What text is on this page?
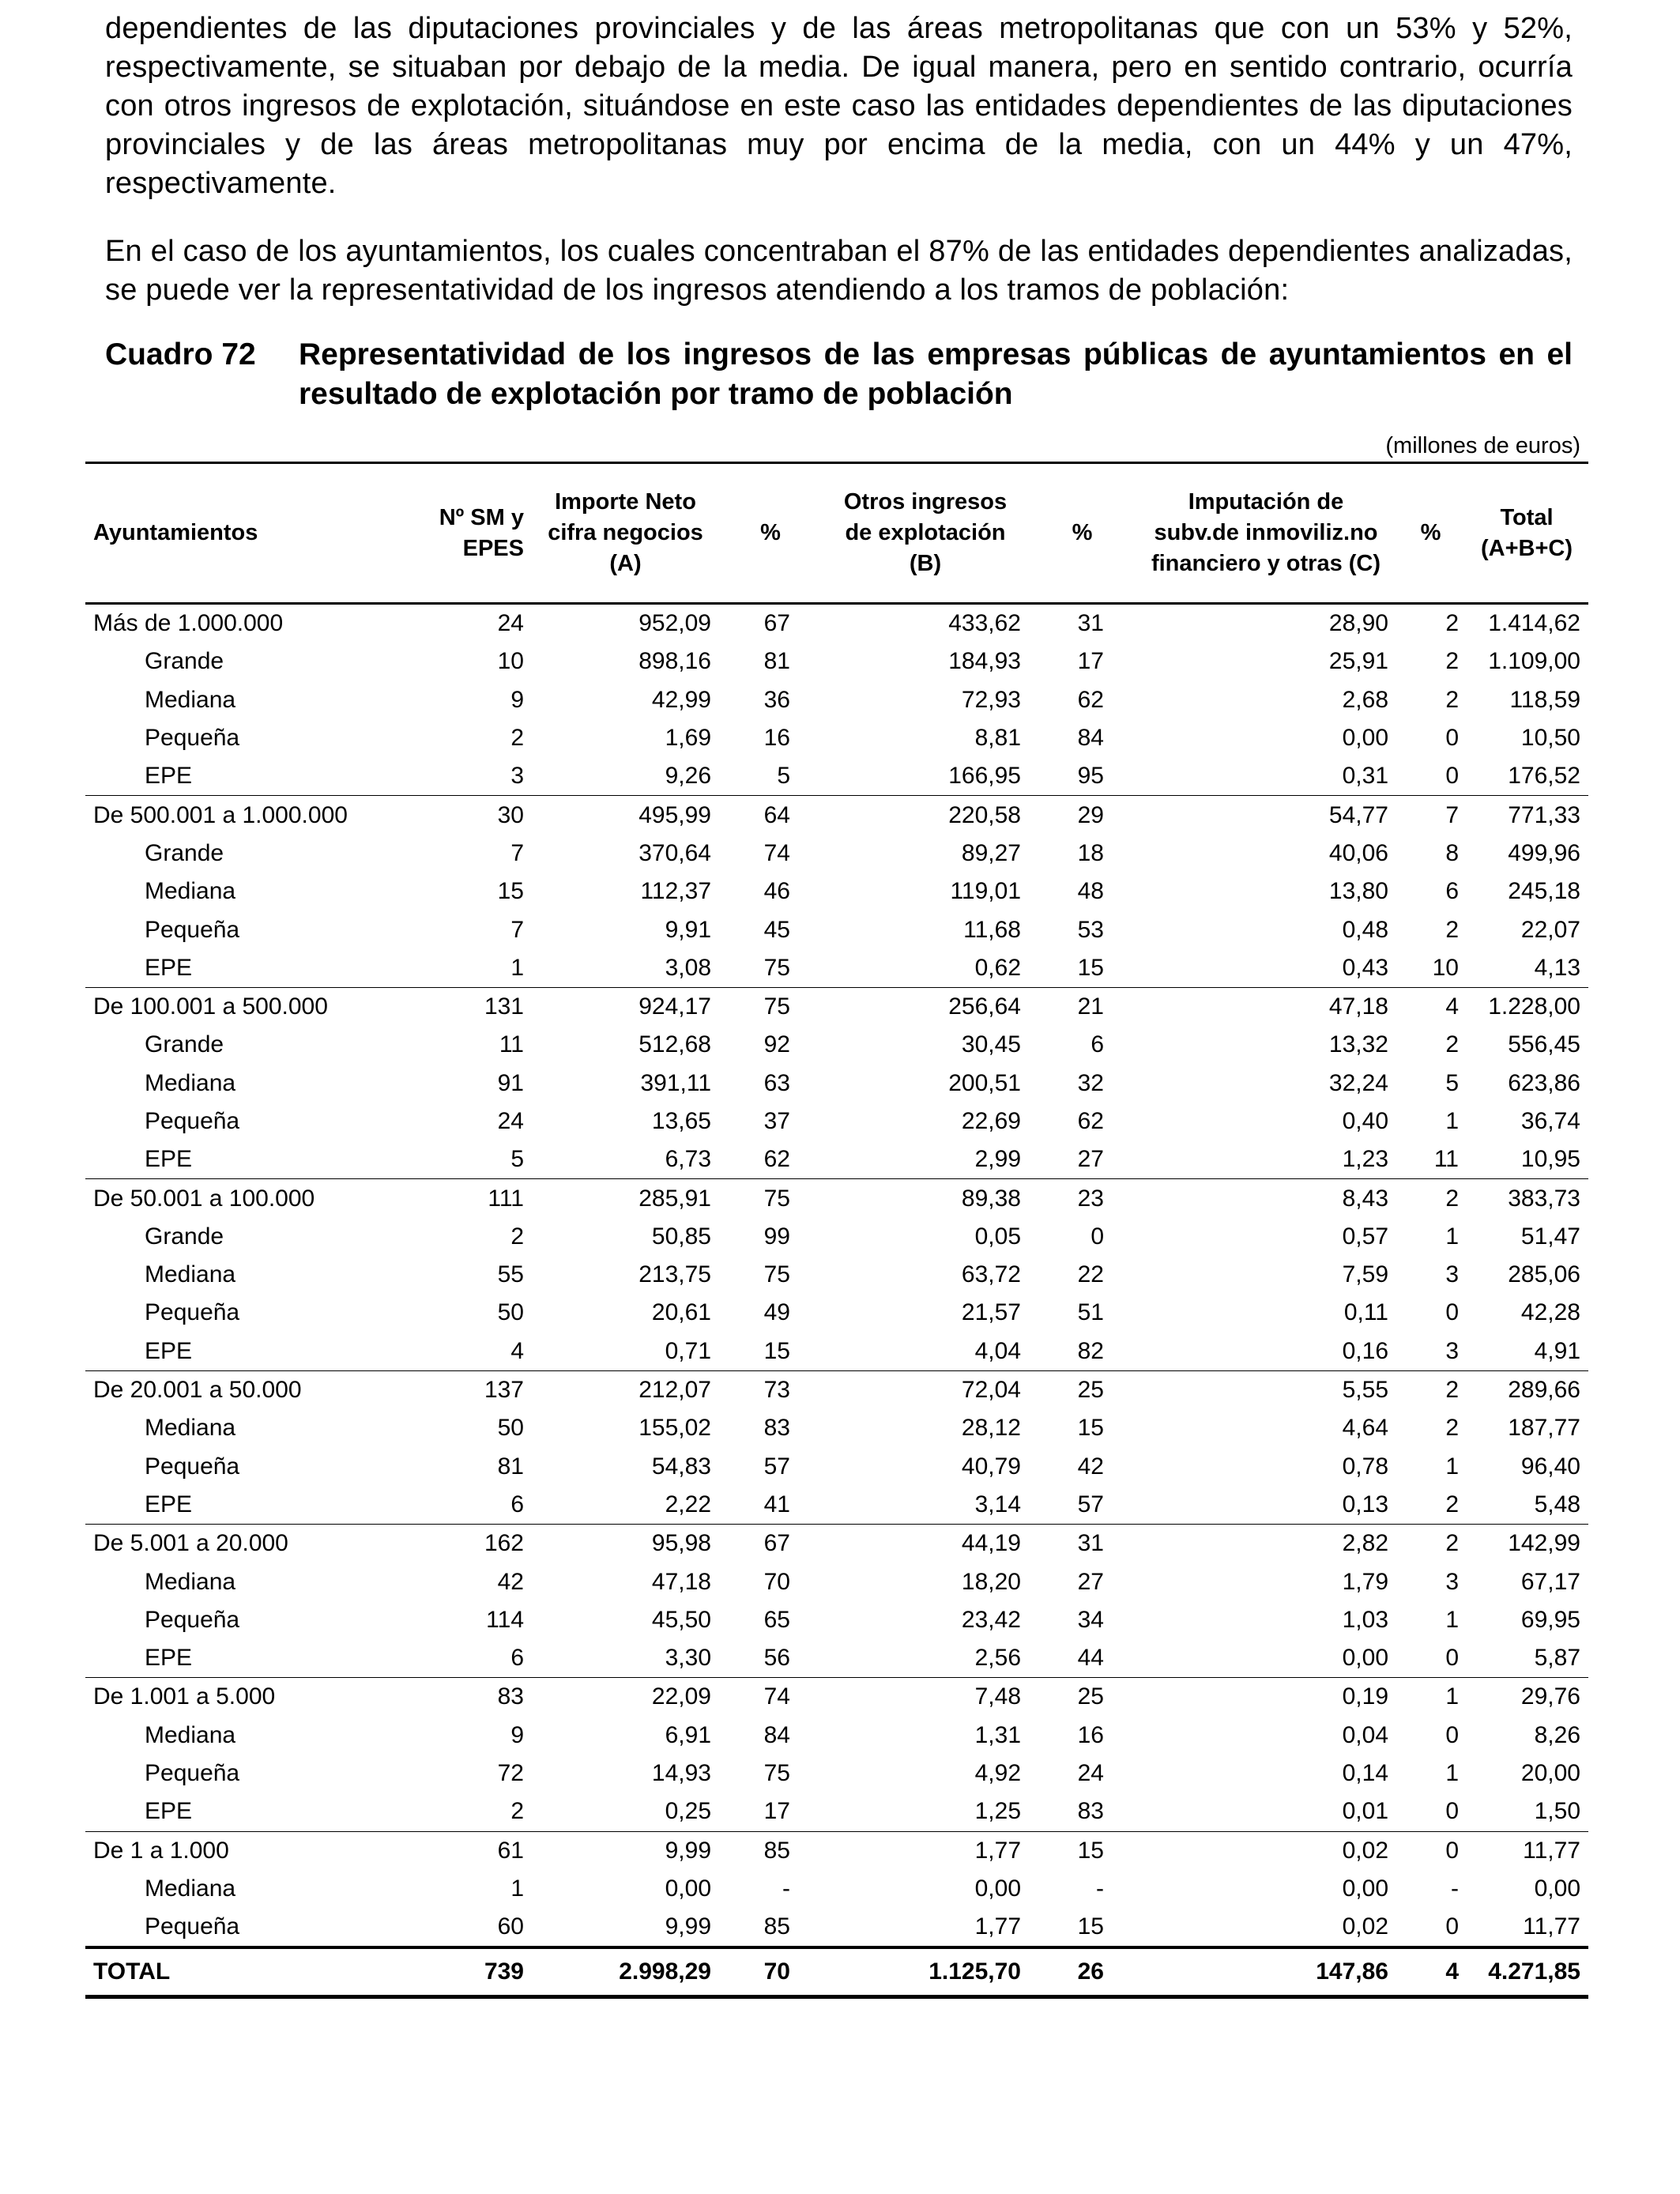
dependientes de las diputaciones provinciales y de las áreas metropolitanas que con un 53% y 52%, respectivamente, se situaban por debajo de la media. De igual manera, pero en sentido contrario, ocurría con otros ingresos de explotación, situándose en este caso las entidades dependientes de las diputaciones provinciales y de las áreas metropolitanas muy por encima de la media, con un 44% y un 47%, respectivamente.

En el caso de los ayuntamientos, los cuales concentraban el 87% de las entidades dependientes analizadas, se puede ver la representatividad de los ingresos atendiendo a los tramos de población:

Cuadro 72	Representatividad de los ingresos de las empresas públicas de ayuntamientos en el resultado de explotación por tramo de población
(millones de euros)
Ayuntamientos	Nº SM y EPES	Importe Neto cifra negocios (A)	%	Otros ingresos de explotación (B)	%	Imputación de subv.de inmoviliz.no financiero y otras (C)	%	Total (A+B+C)
Más de 1.000.000	24	952,09	67	433,62	31	28,90	2	1.414,62
Grande	10	898,16	81	184,93	17	25,91	2	1.109,00
Mediana	9	42,99	36	72,93	62	2,68	2	118,59
Pequeña	2	1,69	16	8,81	84	0,00	0	10,50
EPE	3	9,26	5	166,95	95	0,31	0	176,52
De 500.001 a 1.000.000	30	495,99	64	220,58	29	54,77	7	771,33
Grande	7	370,64	74	89,27	18	40,06	8	499,96
Mediana	15	112,37	46	119,01	48	13,80	6	245,18
Pequeña	7	9,91	45	11,68	53	0,48	2	22,07
EPE	1	3,08	75	0,62	15	0,43	10	4,13
De 100.001 a 500.000	131	924,17	75	256,64	21	47,18	4	1.228,00
Grande	11	512,68	92	30,45	6	13,32	2	556,45
Mediana	91	391,11	63	200,51	32	32,24	5	623,86
Pequeña	24	13,65	37	22,69	62	0,40	1	36,74
EPE	5	6,73	62	2,99	27	1,23	11	10,95
De 50.001 a 100.000	111	285,91	75	89,38	23	8,43	2	383,73
Grande	2	50,85	99	0,05	0	0,57	1	51,47
Mediana	55	213,75	75	63,72	22	7,59	3	285,06
Pequeña	50	20,61	49	21,57	51	0,11	0	42,28
EPE	4	0,71	15	4,04	82	0,16	3	4,91
De 20.001 a 50.000	137	212,07	73	72,04	25	5,55	2	289,66
Mediana	50	155,02	83	28,12	15	4,64	2	187,77
Pequeña	81	54,83	57	40,79	42	0,78	1	96,40
EPE	6	2,22	41	3,14	57	0,13	2	5,48
De 5.001 a 20.000	162	95,98	67	44,19	31	2,82	2	142,99
Mediana	42	47,18	70	18,20	27	1,79	3	67,17
Pequeña	114	45,50	65	23,42	34	1,03	1	69,95
EPE	6	3,30	56	2,56	44	0,00	0	5,87
De 1.001 a 5.000	83	22,09	74	7,48	25	0,19	1	29,76
Mediana	9	6,91	84	1,31	16	0,04	0	8,26
Pequeña	72	14,93	75	4,92	24	0,14	1	20,00
EPE	2	0,25	17	1,25	83	0,01	0	1,50
De 1 a 1.000	61	9,99	85	1,77	15	0,02	0	11,77
Mediana	1	0,00	-	0,00	-	0,00	-	0,00
Pequeña	60	9,99	85	1,77	15	0,02	0	11,77
TOTAL	739	2.998,29	70	1.125,70	26	147,86	4	4.271,85
